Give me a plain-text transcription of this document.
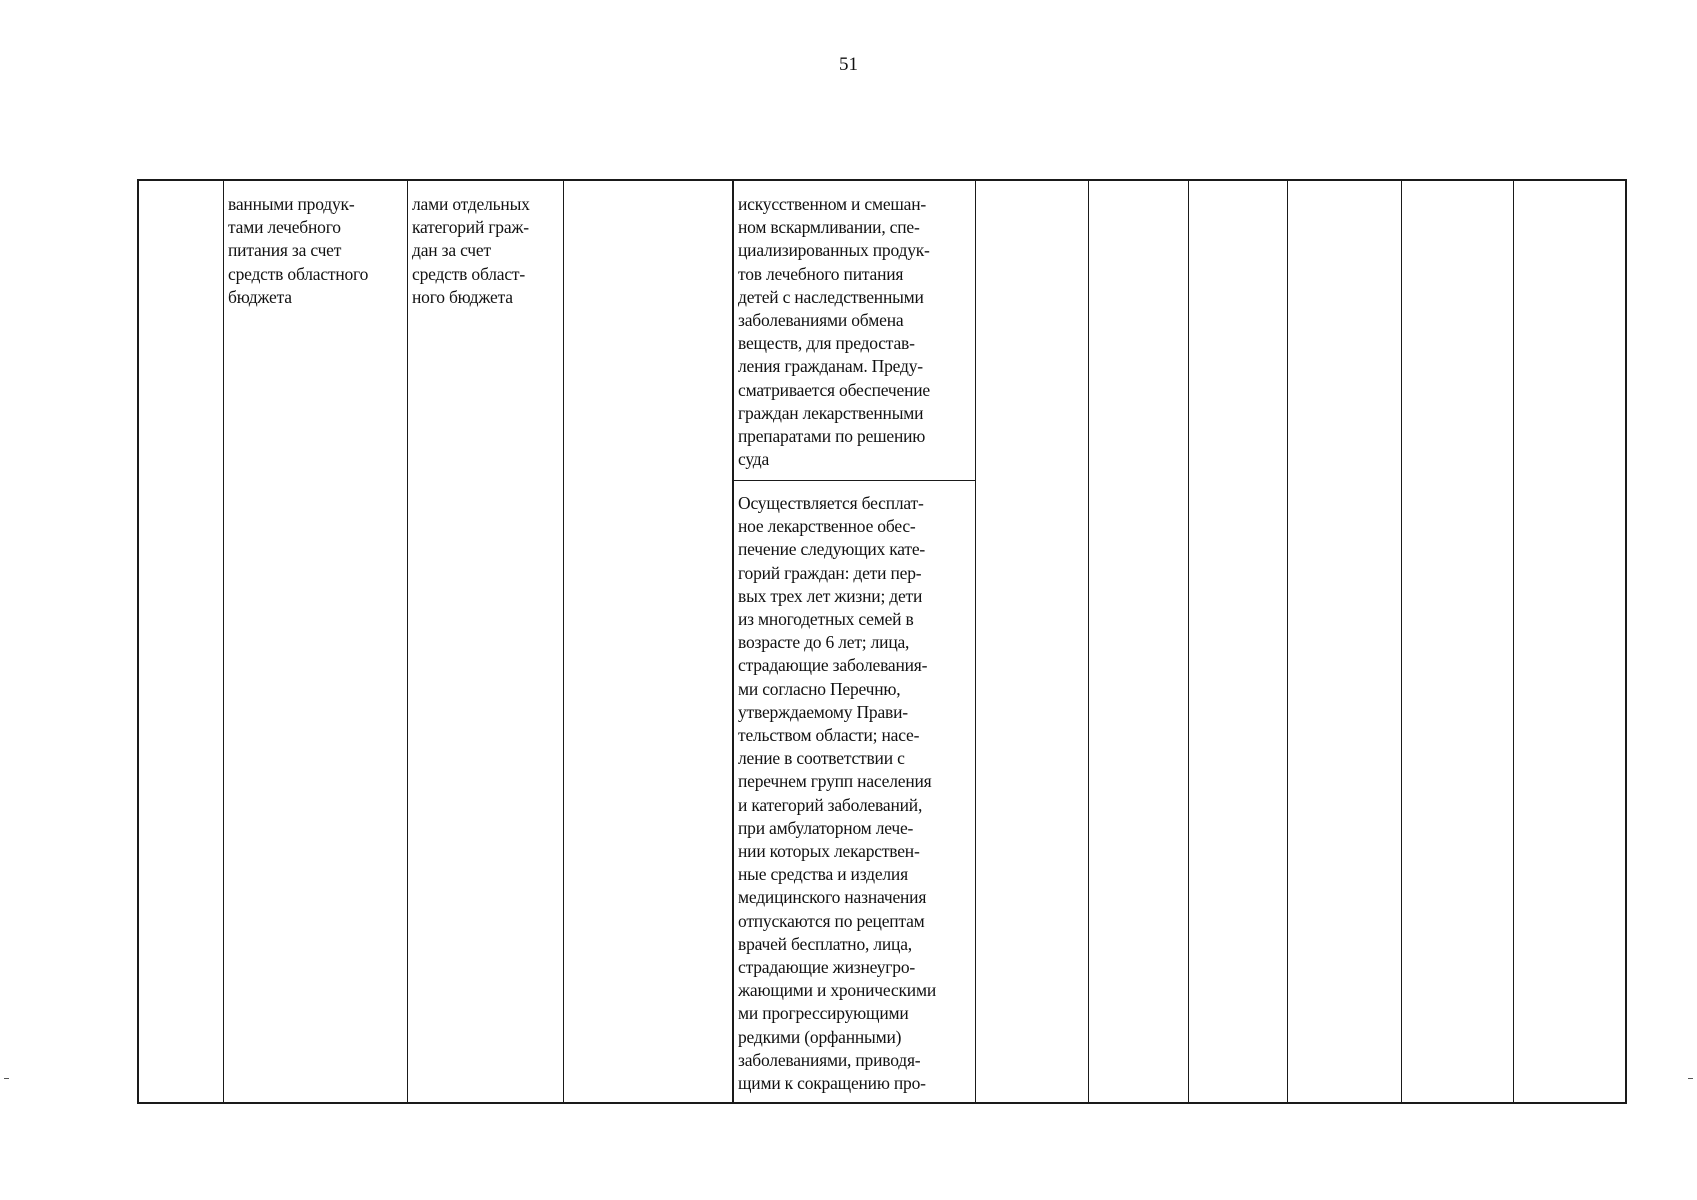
51
ванными продук-
тами лечебного
питания за счет
средств областного
бюджета
лами отдельных
категорий граж-
дан за счет
средств област-
ного бюджета
искусственном и смешан-
ном вскармливании, спе-
циализированных продук-
тов лечебного питания
детей с наследственными
заболеваниями обмена
веществ, для предостав-
ления гражданам. Преду-
сматривается обеспечение
граждан лекарственными
препаратами по решению
суда
Осуществляется бесплат-
ное лекарственное обес-
печение следующих кате-
горий граждан: дети пер-
вых трех лет жизни; дети
из многодетных семей в
возрасте до 6 лет; лица,
страдающие заболевания-
ми согласно Перечню,
утверждаемому Прави-
тельством области; насе-
ление в соответствии с
перечнем групп населения
и категорий заболеваний,
при амбулаторном лече-
нии которых лекарствен-
ные средства и изделия
медицинского назначения
отпускаются по рецептам
врачей бесплатно, лица,
страдающие жизнеугро-
жающими и хроническими
ми прогрессирующими
редкими (орфанными)
заболеваниями, приводя-
щими к сокращению про-
